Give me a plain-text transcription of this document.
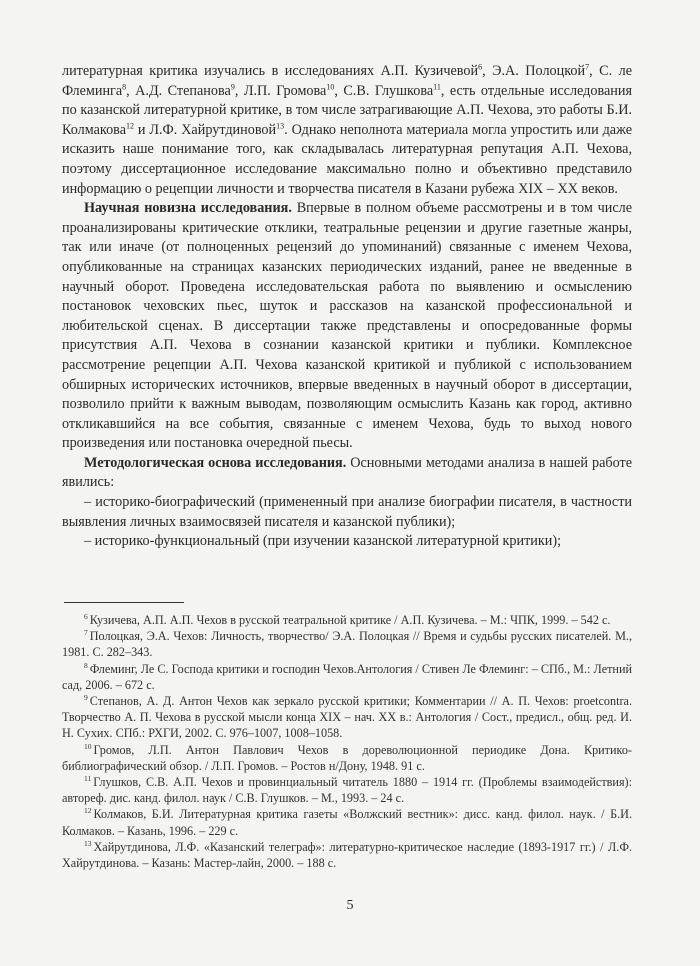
литературная критика изучались в исследованиях А.П. Кузичевой$^6$, Э.А. Полоцкой$^7$, С. ле Флеминга$^8$, А.Д. Степанова$^9$, Л.П. Громова$^{10}$, С.В. Глушкова$^{11}$, есть отдельные исследования по казанской литературной критике, в том числе затрагивающие А.П. Чехова, это работы Б.И. Колмакова$^{12}$ и Л.Ф. Хайрутдиновой$^{13}$. Однако неполнота материала могла упростить или даже исказить наше понимание того, как складывалась литературная репутация А.П. Чехова, поэтому диссертационное исследование максимально полно и объективно представило информацию о рецепции личности и творчества писателя в Казани рубежа XIX – XX веков.

Научная новизна исследования. Впервые в полном объеме рассмотрены и в том числе проанализированы критические отклики, театральные рецензии и другие газетные жанры, так или иначе (от полноценных рецензий до упоминаний) связанные с именем Чехова, опубликованные на страницах казанских периодических изданий, ранее не введенные в научный оборот. Проведена исследовательская работа по выявлению и осмыслению постановок чеховских пьес, шуток и рассказов на казанской профессиональной и любительской сценах. В диссертации также представлены и опосредованные формы присутствия А.П. Чехова в сознании казанской критики и публики. Комплексное рассмотрение рецепции А.П. Чехова казанской критикой и публикой с использованием обширных исторических источников, впервые введенных в научный оборот в диссертации, позволило прийти к важным выводам, позволяющим осмыслить Казань как город, активно откликавшийся на все события, связанные с именем Чехова, будь то выход нового произведения или постановка очередной пьесы.

Методологическая основа исследования. Основными методами анализа в нашей работе явились:

– историко-биографический (примененный при анализе биографии писателя, в частности выявления личных взаимосвязей писателя и казанской публики);

– историко-функциональный (при изучении казанской литературной критики);

$^6$ Кузичева, А.П. А.П. Чехов в русской театральной критике / А.П. Кузичева. – М.: ЧПК, 1999. – 542 с.

$^7$ Полоцкая, Э.А. Чехов: Личность, творчество/ Э.А. Полоцкая // Время и судьбы русских писателей. М., 1981. С. 282–343.

$^8$ Флеминг, Ле С. Господа критики и господин Чехов.Антология / Стивен Ле Флеминг: – СПб., М.: Летний сад, 2006. – 672 с.

$^9$ Степанов, А. Д. Антон Чехов как зеркало русской критики; Комментарии // А. П. Чехов: proetcontra. Творчество А. П. Чехова в русской мысли конца XIX – нач. XX в.: Антология / Сост., предисл., общ. ред. И. Н. Сухих. СПб.: РХГИ, 2002. С. 976–1007, 1008–1058.

$^{10}$ Громов, Л.П. Антон Павлович Чехов в дореволюционной периодике Дона. Критико-библиографический обзор. / Л.П. Громов. – Ростов н/Дону, 1948. 91 с.

$^{11}$ Глушков, С.В. А.П. Чехов и провинциальный читатель 1880 – 1914 гг. (Проблемы взаимодействия): автореф. дис. канд. филол. наук / С.В. Глушков. – М., 1993. – 24 с.

$^{12}$ Колмаков, Б.И. Литературная критика газеты «Волжский вестник»: дисс. канд. филол. наук. / Б.И. Колмаков. – Казань, 1996. – 229 с.

$^{13}$ Хайрутдинова, Л.Ф. «Казанский телеграф»: литературно-критическое наследие (1893-1917 гг.) / Л.Ф. Хайрутдинова. – Казань: Мастер-лайн, 2000. – 188 с.

5
